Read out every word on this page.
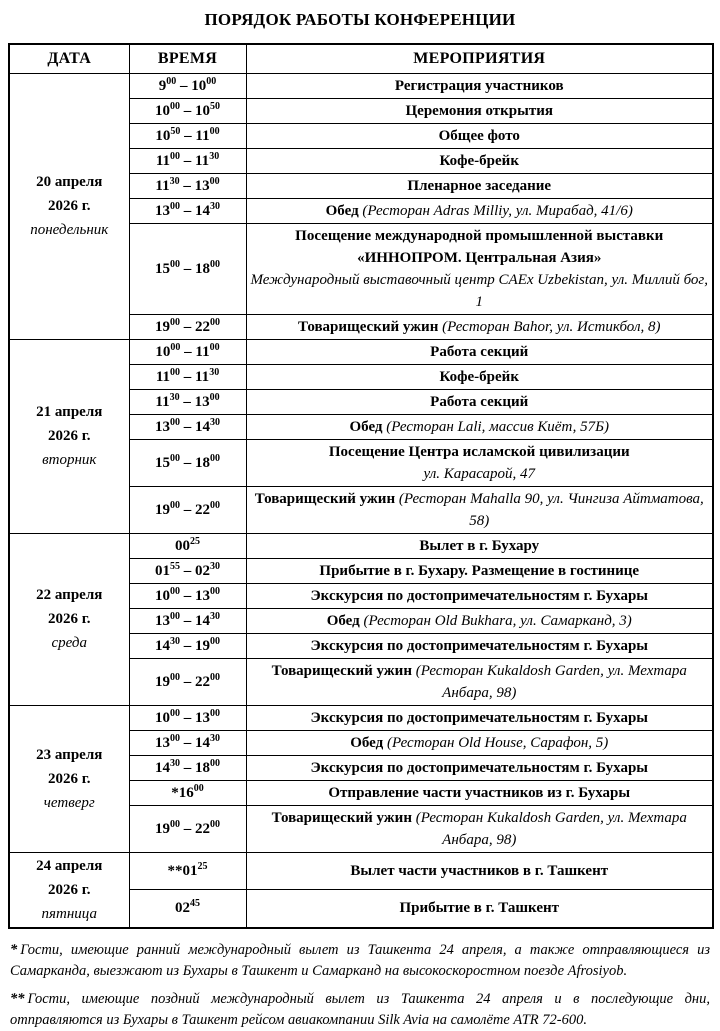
ПОРЯДОК РАБОТЫ КОНФЕРЕНЦИИ
ДАТА	ВРЕМЯ	МЕРОПРИЯТИЯ

20 апреля
2026 г.
понедельник	$9^{00} - 10^{00}$	Регистрация участников
	$10^{00} - 10^{50}$	Церемония открытия
	$10^{50} - 11^{00}$	Общее фото
	$11^{00} - 11^{30}$	Кофе-брейк
	$11^{30} - 13^{00}$	Пленарное заседание
	$13^{00} - 14^{30}$	Обед (Ресторан Adras Milliy, ул. Мирабад, 41/6)
	$15^{00} - 18^{00}$	Посещение международной промышленной выставки
«ИННОПРОМ. Центральная Азия»
Международный выставочный центр CAEx Uzbekistan, ул. Миллий бог, 1

	$19^{00} - 22^{00}$	Товарищеский ужин (Ресторан Bahor, ул. Истикбол, 8)

21 апреля
2026 г.
вторник	$10^{00} - 11^{00}$	Работа секций
	$11^{00} - 11^{30}$	Кофе-брейк
	$11^{30} - 13^{00}$	Работа секций
	$13^{00} - 14^{30}$	Обед (Ресторан Lali, массив Киёт, 57Б)
	$15^{00} - 18^{00}$	Посещение Центра исламской цивилизации
ул. Карасарой, 47

	$19^{00} - 22^{00}$	Товарищеский ужин (Ресторан Mahalla 90, ул. Чингиза Айтматова, 58)

22 апреля
2026 г.
среда	$00^{25}$	Вылет в г. Бухару
	$01^{55} - 02^{30}$	Прибытие в г. Бухару. Размещение в гостинице
	$10^{00} - 13^{00}$	Экскурсия по достопримечательностям г. Бухары
	$13^{00} - 14^{30}$	Обед (Ресторан Old Bukhara, ул. Самарканд, 3)
	$14^{30} - 19^{00}$	Экскурсия по достопримечательностям г. Бухары
	$19^{00} - 22^{00}$	Товарищеский ужин (Ресторан Kukaldosh Garden, ул. Мехтара Анбара, 98)

23 апреля
2026 г.
четверг	$10^{00} - 13^{00}$	Экскурсия по достопримечательностям г. Бухары
	$13^{00} - 14^{30}$	Обед (Ресторан Old House, Сарафон, 5)
	$14^{30} - 18^{00}$	Экскурсия по достопримечательностям г. Бухары
	$*16^{00}$	Отправление части участников из г. Бухары
	$19^{00} - 22^{00}$	Товарищеский ужин (Ресторан Kukaldosh Garden, ул. Мехтара Анбара, 98)

24 апреля
2026 г.
пятница	$**01^{25}$	Вылет части участников в г. Ташкент
	$02^{45}$	Прибытие в г. Ташкент

* Гости, имеющие ранний международный вылет из Ташкента 24 апреля, а также отправляющиеся из Самарканда, выезжают из Бухары в Ташкент и Самарканд на высокоскоростном поезде Afrosiyob.

** Гости, имеющие поздний международный вылет из Ташкента 24 апреля и в последующие дни, отправляются из Бухары в Ташкент рейсом авиакомпании Silk Avia на самолёте ATR 72-600.
